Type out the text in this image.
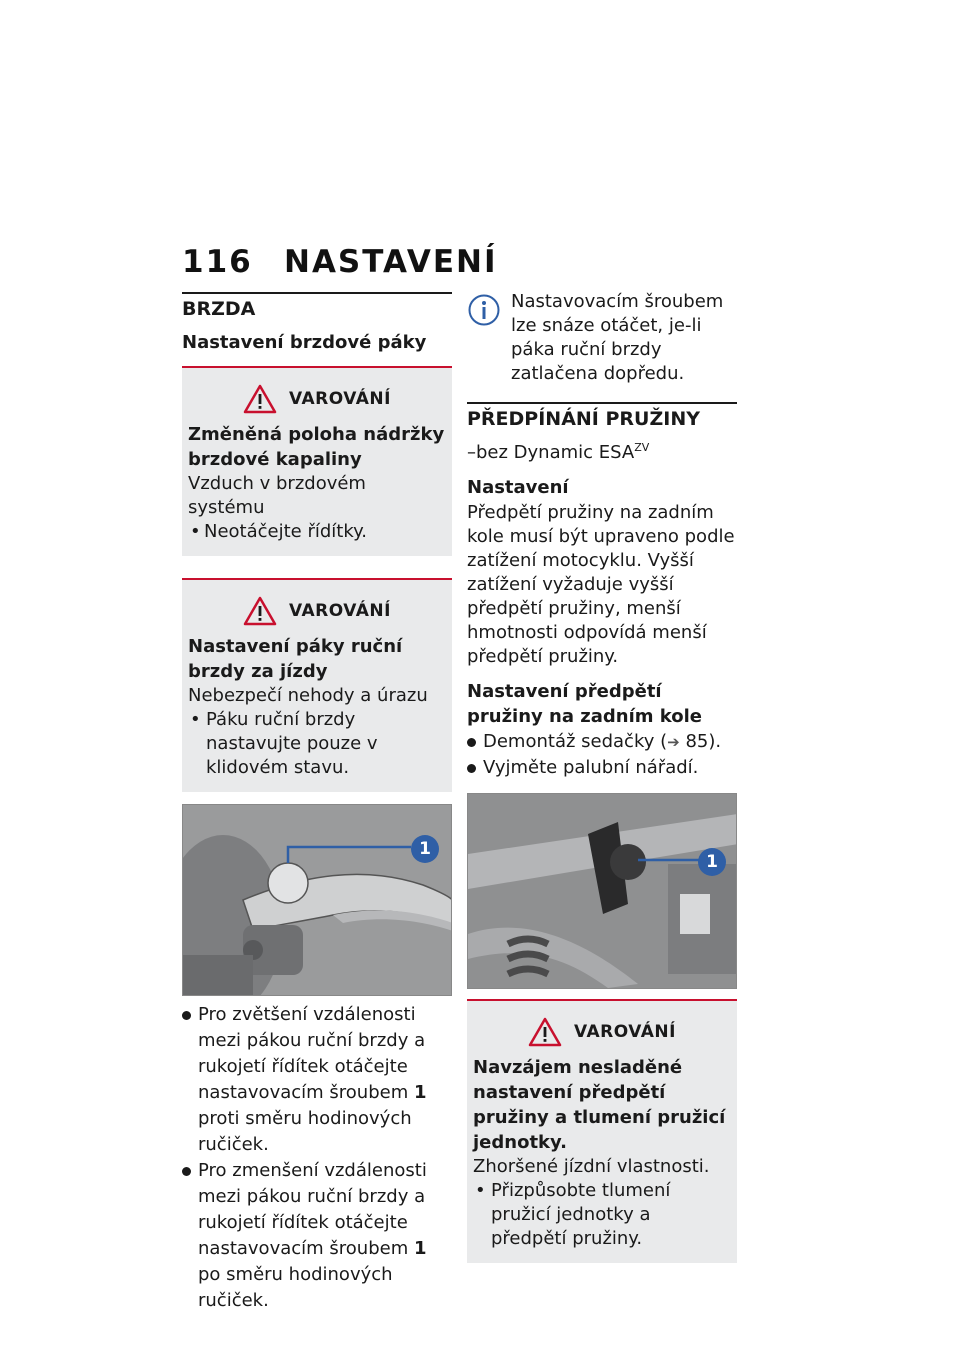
116 NASTAVENÍ
BRZDA
Nastavení brzdové páky
VAROVÁNÍ

Změněná poloha nádržky brzdové kapaliny

Vzduch v brzdovém systému

• Neotáčejte řídítky.
VAROVÁNÍ

Nastavení páky ruční brzdy za jízdy

Nebezpečí nehody a úrazu

• Páku ruční brzdy nastavujte pouze v klidovém stavu.
1
Pro zvětšení vzdálenosti mezi pákou ruční brzdy a rukojetí řídítek otáčejte nastavovacím šroubem 1 proti směru hodinových ručiček.
Pro zmenšení vzdálenosti mezi pákou ruční brzdy a rukojetí řídítek otáčejte nastavovacím šroubem 1 po směru hodinových ručiček.

Nastavovacím šroubem lze snáze otáčet, je-li páka ruční brzdy zatlačena dopředu.

PŘEDPÍNÁNÍ PRUŽINY

–bez Dynamic $ESA^{ZV}$

Nastavení

Předpětí pružiny na zadním kole musí být upraveno podle zatížení motocyklu. Vyšší zatížení vyžaduje vyšší předpětí pružiny, menší hmotnosti odpovídá menší předpětí pružiny.

Nastavení předpětí pružiny na zadním kole
Demontáž sedačky (➔ 85).
Vyjměte palubní nářadí.
1
VAROVÁNÍ

Navzájem nesladěné nastavení předpětí pružiny a tlumení pružicí jednotky.

Zhoršené jízdní vlastnosti.

• Přizpůsobte tlumení pružicí jednotky a předpětí pružiny.
